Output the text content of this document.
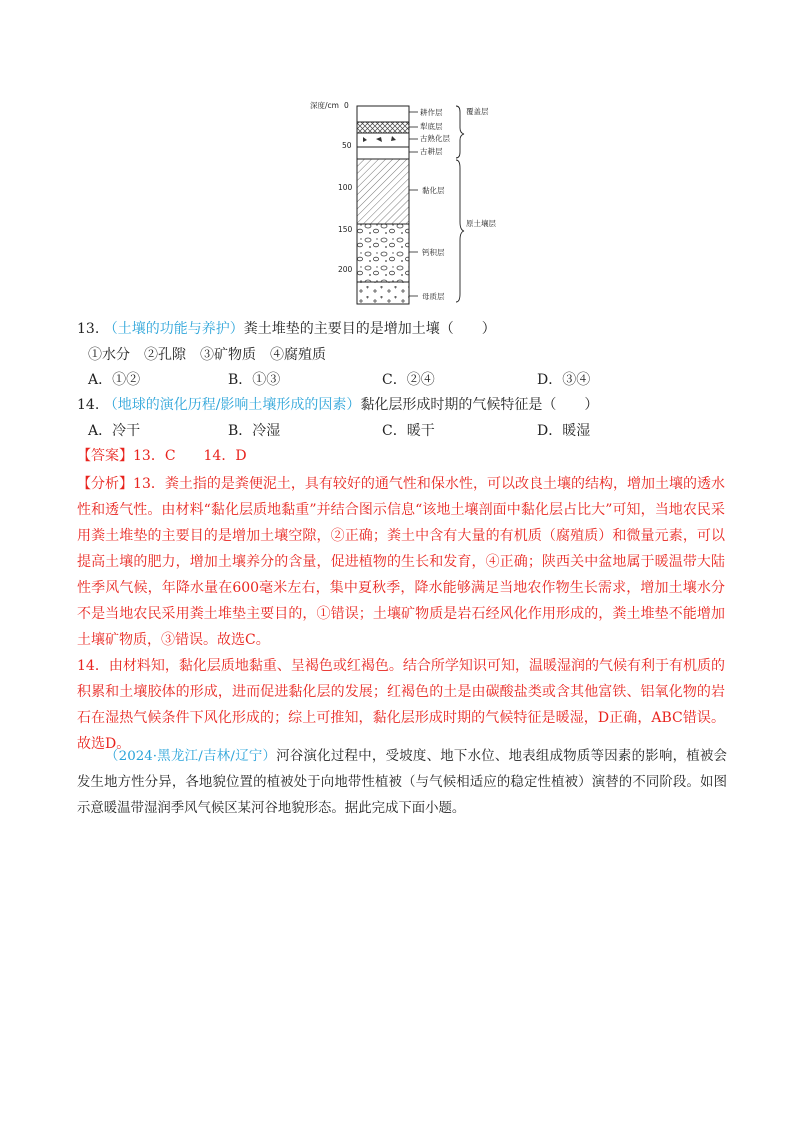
深度/cm 0
50
100
150
200
耕作层
犁底层
古熟化层
古耕层
黏化层
钙积层
母质层
覆盖层
原土壤层
13. （土壤的功能与养护）粪土堆垫的主要目的是增加土壤（　　）
①水分　②孔隙　③矿物质　④腐殖质
A．①②	B．①③	C．②④	D．③④
14. （地球的演化历程/影响土壤形成的因素）黏化层形成时期的气候特征是（　　）
A．冷干	B．冷湿	C．暖干	D．暖湿

【答案】13．C　　14．D

【分析】13．粪土指的是粪便泥土，具有较好的通气性和保水性，可以改良土壤的结构，增加土壤的透水性和透气性。由材料“黏化层质地黏重”并结合图示信息“该地土壤剖面中黏化层占比大”可知，当地农民采用粪土堆垫的主要目的是增加土壤空隙，②正确；粪土中含有大量的有机质（腐殖质）和微量元素，可以提高土壤的肥力，增加土壤养分的含量，促进植物的生长和发育，④正确；陕西关中盆地属于暖温带大陆性季风气候，年降水量在600毫米左右，集中夏秋季，降水能够满足当地农作物生长需求，增加土壤水分不是当地农民采用粪土堆垫主要目的，①错误；土壤矿物质是岩石经风化作用形成的，粪土堆垫不能增加土壤矿物质，③错误。故选C。

14．由材料知，黏化层质地黏重、呈褐色或红褐色。结合所学知识可知，温暖湿润的气候有利于有机质的积累和土壤胶体的形成，进而促进黏化层的发展；红褐色的土是由碳酸盐类或含其他富铁、铝氧化物的岩石在湿热气候条件下风化形成的；综上可推知，黏化层形成时期的气候特征是暖湿，D正确，ABC错误。故选D。

（2024·黑龙江/吉林/辽宁）河谷演化过程中，受坡度、地下水位、地表组成物质等因素的影响，植被会发生地方性分异，各地貌位置的植被处于向地带性植被（与气候相适应的稳定性植被）演替的不同阶段。如图示意暖温带湿润季风气候区某河谷地貌形态。据此完成下面小题。
